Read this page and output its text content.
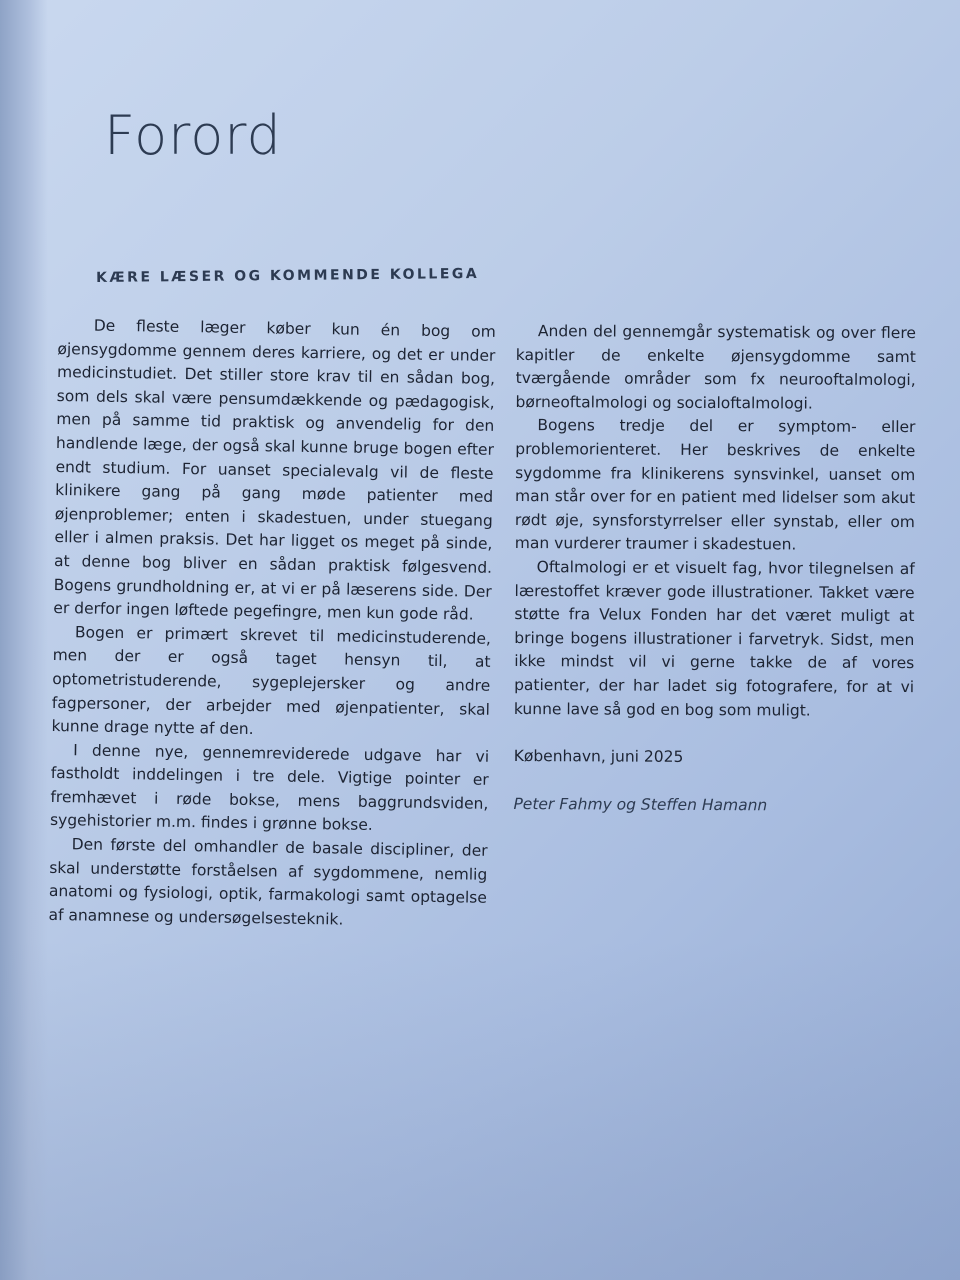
Forord
KÆRE LÆSER OG KOMMENDE KOLLEGA

De fleste læger køber kun én bog om øjensygdomme gennem deres karriere, og det er under medicinstudiet. Det stiller store krav til en sådan bog, som dels skal være pensumdækkende og pædagogisk, men på samme tid praktisk og anvendelig for den handlende læge, der også skal kunne bruge bogen efter endt studium. For uanset specialevalg vil de fleste klinikere gang på gang møde patienter med øjenproblemer; enten i skadestuen, under stuegang eller i almen praksis. Det har ligget os meget på sinde, at denne bog bliver en sådan praktisk følgesvend. Bogens grundholdning er, at vi er på læserens side. Der er derfor ingen løftede pegefingre, men kun gode råd.

Bogen er primært skrevet til medicinstuderende, men der er også taget hensyn til, at optometristuderende, sygeplejersker og andre fagpersoner, der arbejder med øjenpatienter, skal kunne drage nytte af den.

I denne nye, gennemreviderede udgave har vi fastholdt inddelingen i tre dele. Vigtige pointer er fremhævet i røde bokse, mens baggrundsviden, sygehistorier m.m. findes i grønne bokse.

Den første del omhandler de basale discipliner, der skal understøtte forståelsen af sygdommene, nemlig anatomi og fysiologi, optik, farmakologi samt optagelse af anamnese og undersøgelsesteknik.

Anden del gennemgår systematisk og over flere kapitler de enkelte øjensygdomme samt tværgående områder som fx neurooftalmologi, børneoftalmologi og socialoftalmologi.

Bogens tredje del er symptom- eller problemorienteret. Her beskrives de enkelte sygdomme fra klinikerens synsvinkel, uanset om man står over for en patient med lidelser som akut rødt øje, synsforstyrrelser eller synstab, eller om man vurderer traumer i skadestuen.

Oftalmologi er et visuelt fag, hvor tilegnelsen af lærestoffet kræver gode illustrationer. Takket være støtte fra Velux Fonden har det været muligt at bringe bogens illustrationer i farvetryk. Sidst, men ikke mindst vil vi gerne takke de af vores patienter, der har ladet sig fotografere, for at vi kunne lave så god en bog som muligt.

København, juni 2025

Peter Fahmy og Steffen Hamann
